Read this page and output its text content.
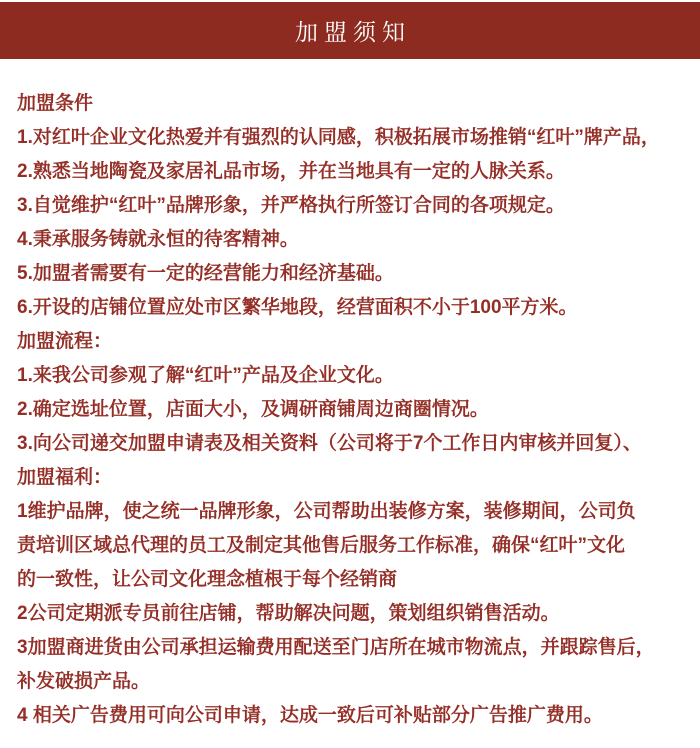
加盟须知
加盟条件
1.对红叶企业文化热爱并有强烈的认同感，积极拓展市场推销“红叶”牌产品，
2.熟悉当地陶瓷及家居礼品市场，并在当地具有一定的人脉关系。
3.自觉维护“红叶”品牌形象，并严格执行所签订合同的各项规定。
4.秉承服务铸就永恒的待客精神。
5.加盟者需要有一定的经营能力和经济基础。
6.开设的店铺位置应处市区繁华地段，经营面积不小于100平方米。
加盟流程：
1.来我公司参观了解“红叶”产品及企业文化。
2.确定选址位置，店面大小，及调研商铺周边商圈情况。
3.向公司递交加盟申请表及相关资料（公司将于7个工作日内审核并回复）、
加盟福利：
1维护品牌，使之统一品牌形象，公司帮助出装修方案，装修期间，公司负
责培训区域总代理的员工及制定其他售后服务工作标准，确保“红叶”文化
的一致性，让公司文化理念植根于每个经销商
2公司定期派专员前往店铺，帮助解决问题，策划组织销售活动。
3加盟商进货由公司承担运输费用配送至门店所在城市物流点，并跟踪售后，
补发破损产品。
4 相关广告费用可向公司申请，达成一致后可补贴部分广告推广费用。
